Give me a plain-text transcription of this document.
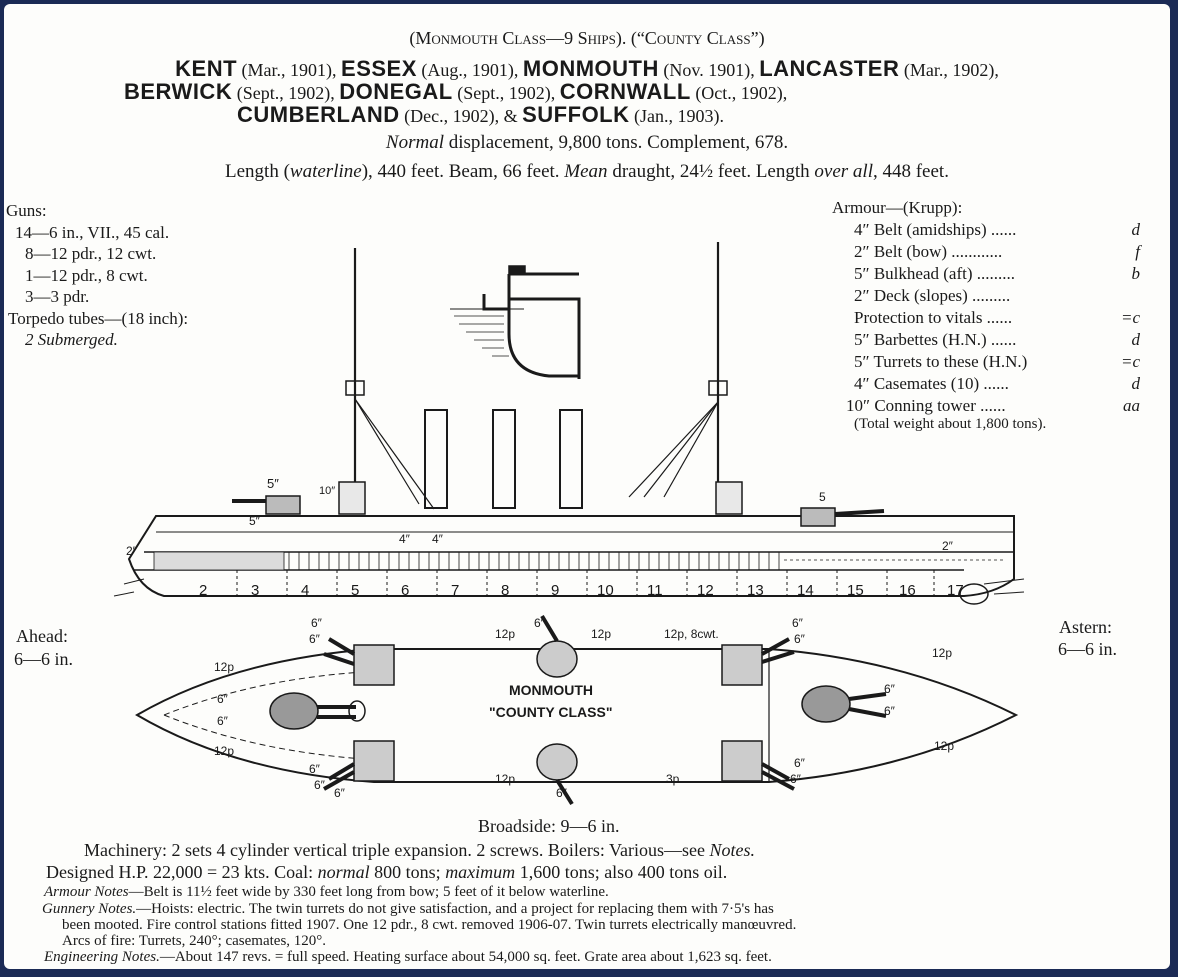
(Monmouth Class—9 Ships). (“County Class”)
KENT (Mar., 1901), ESSEX (Aug., 1901), MONMOUTH (Nov. 1901), LANCASTER (Mar., 1902),
BERWICK (Sept., 1902), DONEGAL (Sept., 1902), CORNWALL (Oct., 1902),
CUMBERLAND (Dec., 1902), & SUFFOLK (Jan., 1903).
Normal displacement, 9,800 tons. Complement, 678.
Length (waterline), 440 feet. Beam, 66 feet. Mean draught, 24½ feet. Length over all, 448 feet.
Guns:
14—6 in., VII., 45 cal.
8—12 pdr., 12 cwt.
1—12 pdr., 8 cwt.
3—3 pdr.
Torpedo tubes—(18 inch):
2 Submerged.
Armour—(Krupp):
4″ Belt (amidships) ......	d
2″ Belt (bow) ............	f
5″ Bulkhead (aft) .........	b
2″ Deck (slopes) .........
Protection to vitals ......	=c
5″ Barbettes (H.N.) ......	d
5″ Turrets to these (H.N.)	=c
4″ Casemates (10) ......	d
10″ Conning tower ......	aa
(Total weight about 1,800 tons).
2	3	4	5	6	7	8	9	10 11 12 13 14 15 16 17
5″
5″
10″
4″ 4″
2″	2″
5
MONMOUTH
"COUNTY CLASS"
6″
6″
6″
6″
6″
6″
6″
6″
6″
6″
6″
6″
6″
6″
6″
12p	12p
12p
12p
12p
12p
12p
12p, 8cwt.
3p
Ahead:
6—6 in.
Astern:
6—6 in.
Broadside: 9—6 in.
Machinery: 2 sets 4 cylinder vertical triple expansion. 2 screws. Boilers: Various—see Notes.
Designed H.P. 22,000 = 23 kts. Coal: normal 800 tons; maximum 1,600 tons; also 400 tons oil.
Armour Notes—Belt is 11½ feet wide by 330 feet long from bow; 5 feet of it below waterline.
Gunnery Notes.—Hoists: electric. The twin turrets do not give satisfaction, and a project for replacing them with 7·5's has
been mooted. Fire control stations fitted 1907. One 12 pdr., 8 cwt. removed 1906-07. Twin turrets electrically manœuvred.
Arcs of fire: Turrets, 240°; casemates, 120°.
Engineering Notes.—About 147 revs. = full speed. Heating surface about 54,000 sq. feet. Grate area about 1,623 sq. feet.
